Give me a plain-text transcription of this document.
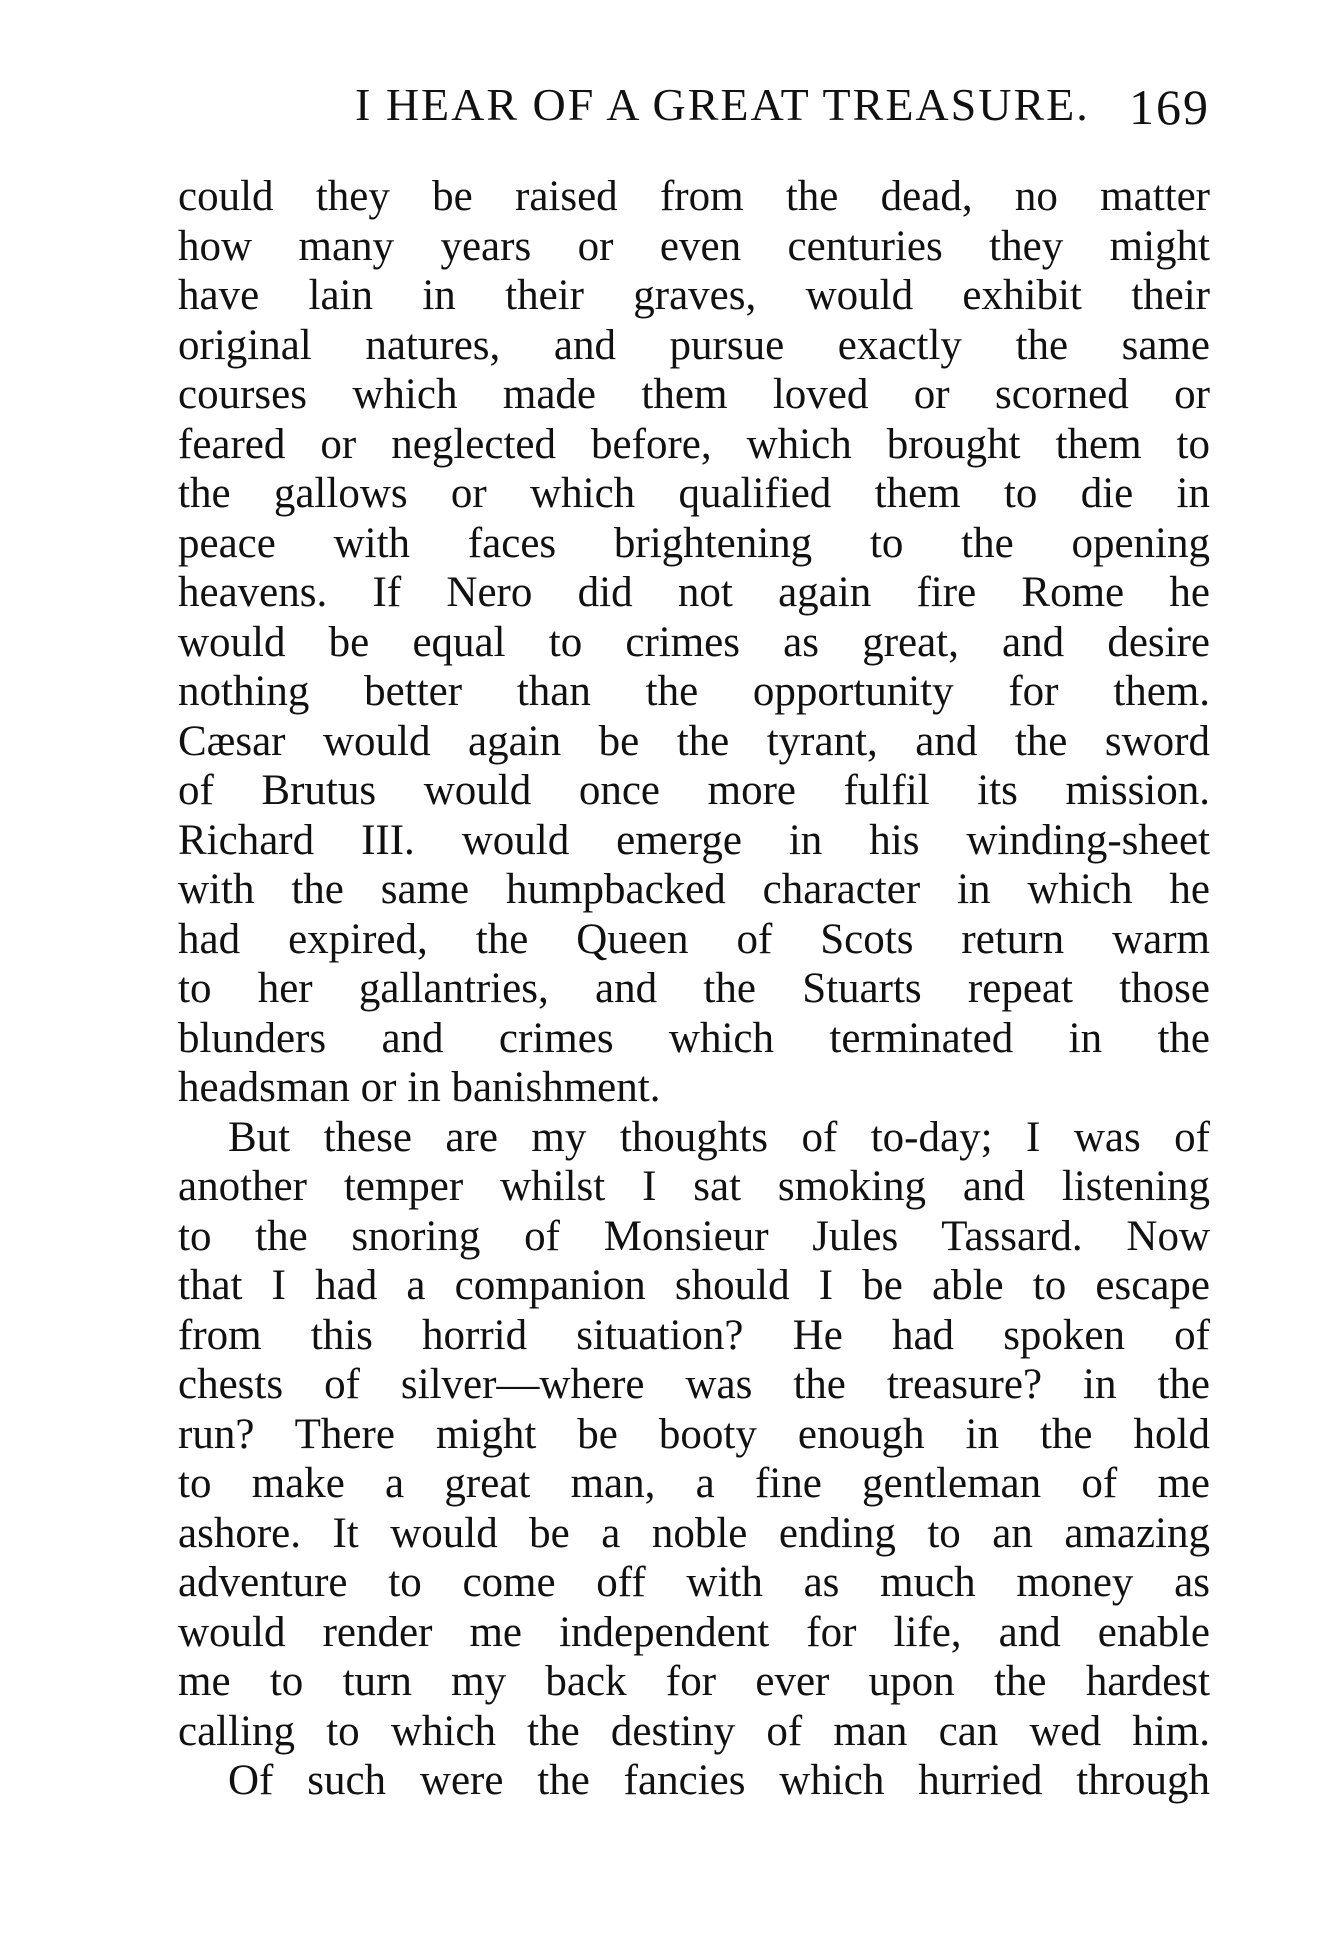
I HEAR OF A GREAT TREASURE. 169
could they be raised from the dead, no matter
how many years or even centuries they might
have lain in their graves, would exhibit their
original natures, and pursue exactly the same
courses which made them loved or scorned or
feared or neglected before, which brought them to
the gallows or which qualified them to die in
peace with faces brightening to the opening
heavens. If Nero did not again fire Rome he
would be equal to crimes as great, and desire
nothing better than the opportunity for them.
Cæsar would again be the tyrant, and the sword
of Brutus would once more fulfil its mission.
Richard III. would emerge in his winding-sheet
with the same humpbacked character in which he
had expired, the Queen of Scots return warm
to her gallantries, and the Stuarts repeat those
blunders and crimes which terminated in the
headsman or in banishment.
But these are my thoughts of to-day; I was of
another temper whilst I sat smoking and listening
to the snoring of Monsieur Jules Tassard. Now
that I had a companion should I be able to escape
from this horrid situation? He had spoken of
chests of silver—where was the treasure? in the
run? There might be booty enough in the hold
to make a great man, a fine gentleman of me
ashore. It would be a noble ending to an amazing
adventure to come off with as much money as
would render me independent for life, and enable
me to turn my back for ever upon the hardest
calling to which the destiny of man can wed him.
Of such were the fancies which hurried through
